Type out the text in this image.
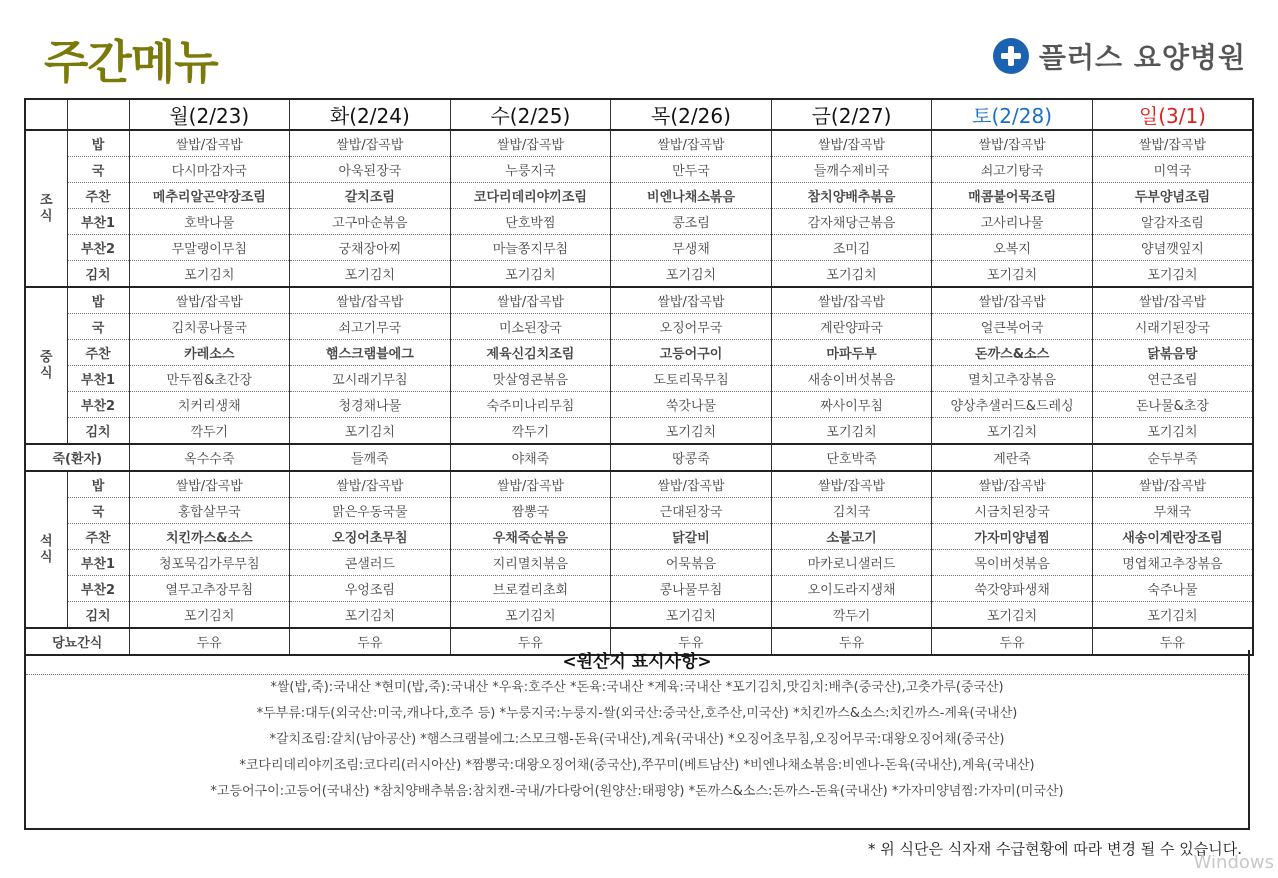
주간메뉴	플러스 요양병원
		월(2/23)	화(2/24)	수(2/25)	목(2/26)	금(2/27)	토(2/28)	일(3/1)
조
식	밥	쌀밥/잡곡밥	쌀밥/잡곡밥	쌀밥/잡곡밥	쌀밥/잡곡밥	쌀밥/잡곡밥	쌀밥/잡곡밥	쌀밥/잡곡밥
	국	다시마감자국	아욱된장국	누룽지국	만두국	들깨수제비국	쇠고기탕국	미역국
	주찬	메추리알곤약장조림	갈치조림	코다리데리야끼조림	비엔나채소볶음	참치양배추볶음	매콤불어묵조림	두부양념조림
	부찬1	호박나물	고구마순볶음	단호박찜	콩조림	감자채당근볶음	고사리나물	알감자조림
	부찬2	무말랭이무침	궁채장아찌	마늘쫑지무침	무생채	조미김	오복지	양념깻잎지
	김치	포기김치	포기김치	포기김치	포기김치	포기김치	포기김치	포기김치
중
식	밥	쌀밥/잡곡밥	쌀밥/잡곡밥	쌀밥/잡곡밥	쌀밥/잡곡밥	쌀밥/잡곡밥	쌀밥/잡곡밥	쌀밥/잡곡밥
	국	김치콩나물국	쇠고기무국	미소된장국	오징어무국	계란양파국	얼큰북어국	시래기된장국
	주찬	카레소스	햄스크램블에그	제육신김치조림	고등어구이	마파두부	돈까스&소스	닭볶음탕
	부찬1	만두찜&초간장	꼬시래기무침	맛살영콘볶음	도토리묵무침	새송이버섯볶음	멸치고추장볶음	연근조림
	부찬2	치커리생채	청경채나물	숙주미나리무침	쑥갓나물	짜사이무침	양상추샐러드&드레싱	돈나물&초장
	김치	깍두기	포기김치	깍두기	포기김치	포기김치	포기김치	포기김치
죽(환자)		옥수수죽	들깨죽	야채죽	땅콩죽	단호박죽	계란죽	순두부죽
석
식	밥	쌀밥/잡곡밥	쌀밥/잡곡밥	쌀밥/잡곡밥	쌀밥/잡곡밥	쌀밥/잡곡밥	쌀밥/잡곡밥	쌀밥/잡곡밥
	국	홍합살무국	맑은우동국물	짬뽕국	근대된장국	김치국	시금치된장국	무채국
	주찬	치킨까스&소스	오징어초무침	우채죽순볶음	닭갈비	소불고기	가자미양념찜	새송이계란장조림
	부찬1	청포묵김가루무침	콘샐러드	지리멸치볶음	어묵볶음	마카로니샐러드	목이버섯볶음	명엽채고추장볶음
	부찬2	열무고추장무침	우엉조림	브로컬리초회	콩나물무침	오이도라지생채	쑥갓양파생채	숙주나물
	김치	포기김치	포기김치	포기김치	포기김치	깍두기	포기김치	포기김치
당뇨간식		두유	두유	두유	두유	두유	두유	두유
<원산지 표시사항>
*쌀(밥,죽):국내산 *현미(밥,죽):국내산 *우육:호주산 *돈육:국내산 *계육:국내산 *포기김치,맛김치:배추(중국산),고춧가루(중국산)
*두부류:대두(외국산:미국,캐나다,호주 등) *누룽지국:누룽지-쌀(외국산:중국산,호주산,미국산) *치킨까스&소스:치킨까스-계육(국내산)
*갈치조림:갈치(남아공산) *햄스크램블에그:스모크햄-돈육(국내산),계육(국내산) *오징어초무침,오징어무국:대왕오징어채(중국산)
*코다리데리야끼조림:코다리(러시아산) *짬뽕국:대왕오징어채(중국산),쭈꾸미(베트남산) *비엔나채소볶음:비엔나-돈육(국내산),계육(국내산)
*고등어구이:고등어(국내산) *참치양배추볶음:참치캔-국내/가다랑어(원양산:태평양) *돈까스&소스:돈까스-돈육(국내산) *가자미양념찜:가자미(미국산)
* 위 식단은 식자재 수급현황에 따라 변경 될 수 있습니다.
Windows
